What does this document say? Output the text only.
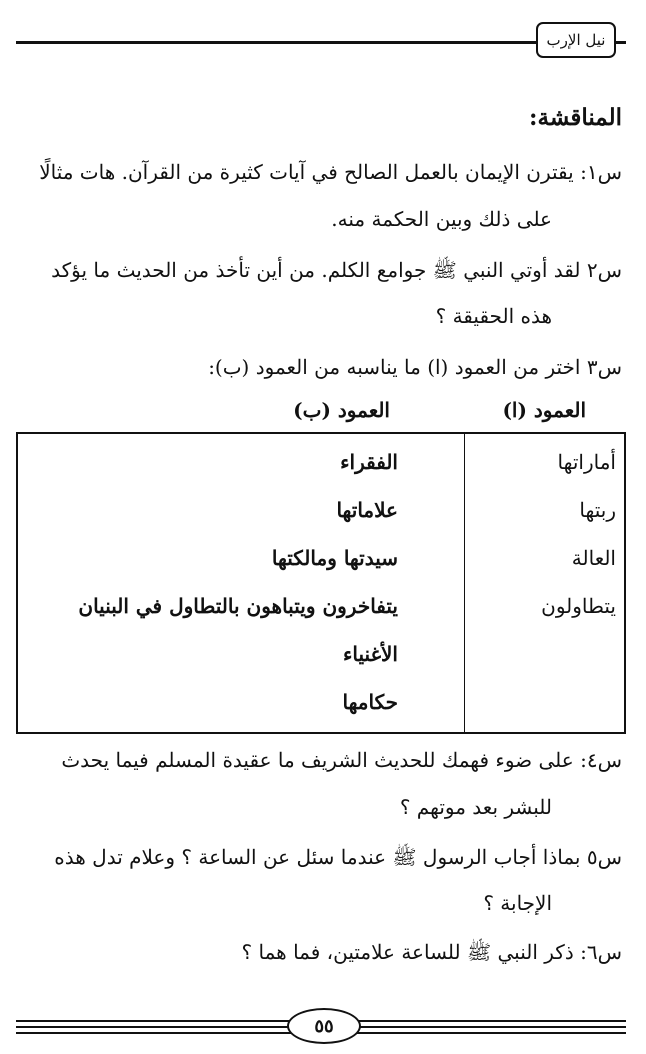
نيل الإرب
المناقشة:
س١: يقترن الإيمان بالعمل الصالح في آيات كثيرة من القرآن. هات مثالًا
على ذلك وبين الحكمة منه.
س٢ لقد أوتي النبي ﷺ جوامع الكلم. من أين تأخذ من الحديث ما يؤكد
هذه الحقيقة ؟
س٣ اختر من العمود (ا) ما يناسبه من العمود (ب):
العمود (ا)
العمود (ب)
أماراتها
ربتها
العالة
يتطاولون
الفقراء
علاماتها
سيدتها ومالكتها
يتفاخرون ويتباهون بالتطاول في البنيان
الأغنياء
حكامها
س٤: على ضوء فهمك للحديث الشريف ما عقيدة المسلم فيما يحدث
للبشر بعد موتهم ؟
س٥ بماذا أجاب الرسول ﷺ عندما سئل عن الساعة ؟ وعلام تدل هذه
الإجابة ؟
س٦: ذكر النبي ﷺ للساعة علامتين، فما هما ؟
٥٥
